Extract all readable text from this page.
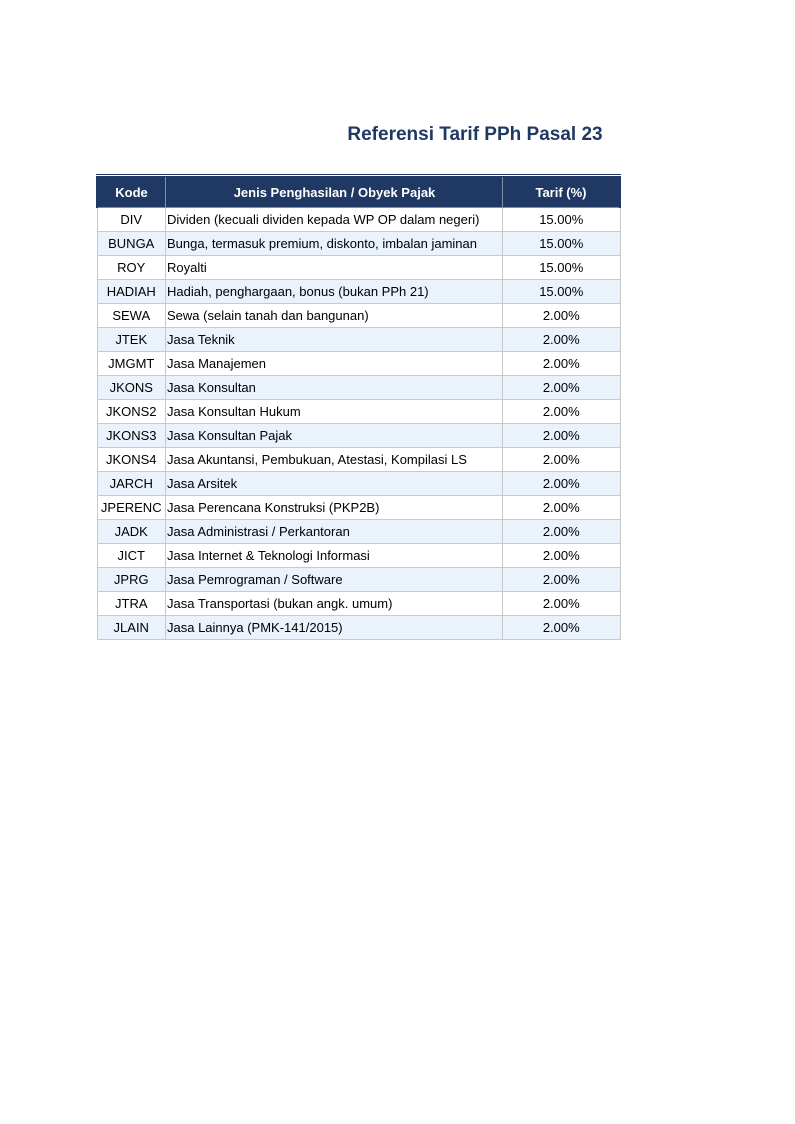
Referensi Tarif PPh Pasal 23
Kode	Jenis Penghasilan / Obyek Pajak	Tarif (%)
DIV	Dividen (kecuali dividen kepada WP OP dalam negeri)	15.00%
BUNGA	Bunga, termasuk premium, diskonto, imbalan jaminan	15.00%
ROY	Royalti	15.00%
HADIAH	Hadiah, penghargaan, bonus (bukan PPh 21)	15.00%
SEWA	Sewa (selain tanah dan bangunan)	2.00%
JTEK	Jasa Teknik	2.00%
JMGMT	Jasa Manajemen	2.00%
JKONS	Jasa Konsultan	2.00%
JKONS2	Jasa Konsultan Hukum	2.00%
JKONS3	Jasa Konsultan Pajak	2.00%
JKONS4	Jasa Akuntansi, Pembukuan, Atestasi, Kompilasi LS	2.00%
JARCH	Jasa Arsitek	2.00%
JPERENC	Jasa Perencana Konstruksi (PKP2B)	2.00%
JADK	Jasa Administrasi / Perkantoran	2.00%
JICT	Jasa Internet & Teknologi Informasi	2.00%
JPRG	Jasa Pemrograman / Software	2.00%
JTRA	Jasa Transportasi (bukan angk. umum)	2.00%
JLAIN	Jasa Lainnya (PMK-141/2015)	2.00%
